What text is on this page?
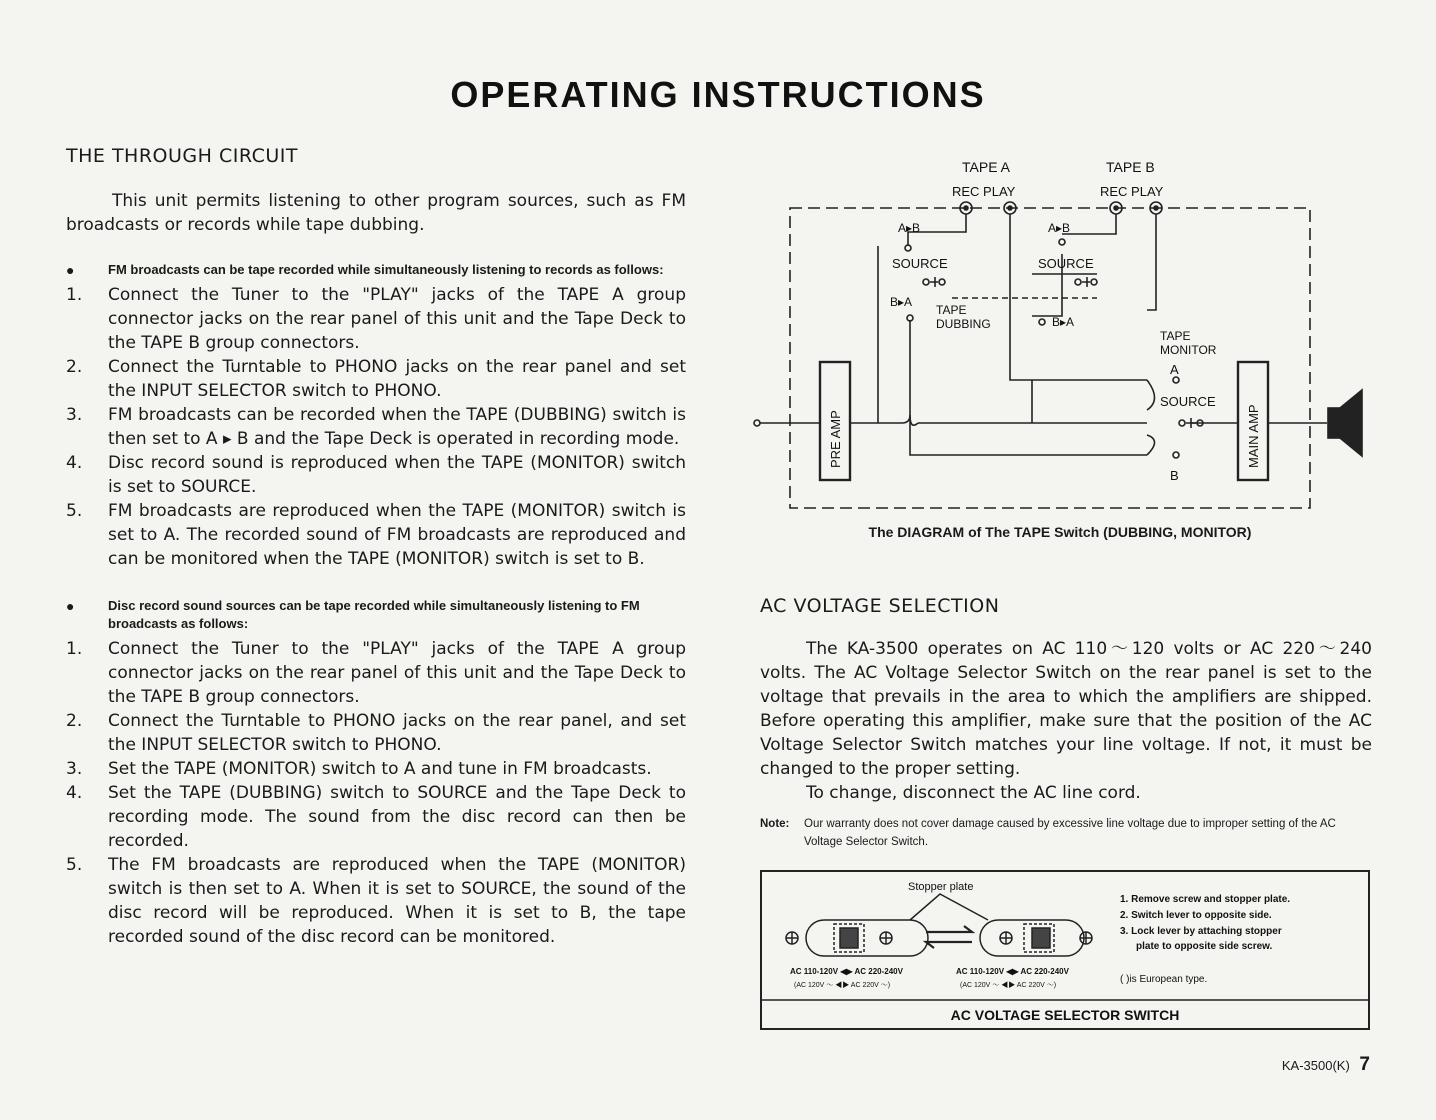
OPERATING INSTRUCTIONS
THE THROUGH CIRCUIT

This unit permits listening to other program sources, such as FM broadcasts or records while tape dubbing.

●	FM broadcasts can be tape recorded while simultaneously listening to records as follows:
1.	Connect the Tuner to the "PLAY" jacks of the TAPE A group connector jacks on the rear panel of this unit and the Tape Deck to the TAPE B group connectors.
2.	Connect the Turntable to PHONO jacks on the rear panel and set the INPUT SELECTOR switch to PHONO.
3.	FM broadcasts can be recorded when the TAPE (DUBBING) switch is then set to A ▸ B and the Tape Deck is operated in recording mode.
4.	Disc record sound is reproduced when the TAPE (MONITOR) switch is set to SOURCE.
5.	FM broadcasts are reproduced when the TAPE (MONITOR) switch is set to A. The recorded sound of FM broadcasts are reproduced and can be monitored when the TAPE (MONITOR) switch is set to B.
●	Disc record sound sources can be tape recorded while simultaneously listening to FM broadcasts as follows:
1.	Connect the Tuner to the "PLAY" jacks of the TAPE A group connector jacks on the rear panel of this unit and the Tape Deck to the TAPE B group connectors.
2.	Connect the Turntable to PHONO jacks on the rear panel, and set the INPUT SELECTOR switch to PHONO.
3.	Set the TAPE (MONITOR) switch to A and tune in FM broadcasts.
4.	Set the TAPE (DUBBING) switch to SOURCE and the Tape Deck to recording mode. The sound from the disc record can then be recorded.
5.	The FM broadcasts are reproduced when the TAPE (MONITOR) switch is then set to A. When it is set to SOURCE, the sound of the disc record will be reproduced. When it is set to B, the tape recorded sound of the disc record can be monitored.
TAPE A	TAPE B
REC PLAY	REC PLAY
A▸B	A▸B
SOURCE	SOURCE
B▸A
B▸A
TAPE
DUBBING
TAPE
MONITOR
A
SOURCE
B
PRE AMP	MAIN AMP
The DIAGRAM of The TAPE Switch (DUBBING, MONITOR)
AC VOLTAGE SELECTION

The KA-3500 operates on AC 110～120 volts or AC 220～240 volts. The AC Voltage Selector Switch on the rear panel is set to the voltage that prevails in the area to which the amplifiers are shipped. Before operating this amplifier, make sure that the position of the AC Voltage Selector Switch matches your line voltage. If not, it must be changed to the proper setting.

To change, disconnect the AC line cord.

Note:	Our warranty does not cover damage caused by excessive line voltage due to improper setting of the AC Voltage Selector Switch.
Stopper plate
AC 110-120V ◀▶ AC 220-240V
(AC 120V ～ ◀▶ AC 220V ～)
AC 110-120V ◀▶ AC 220-240V
(AC 120V ～ ◀▶ AC 220V ～)
1. Remove screw and stopper plate.
2. Switch lever to opposite side.
3. Lock lever by attaching stopper plate to opposite side screw.
( )is European type.
AC VOLTAGE SELECTOR SWITCH
KA-3500(K) 7
